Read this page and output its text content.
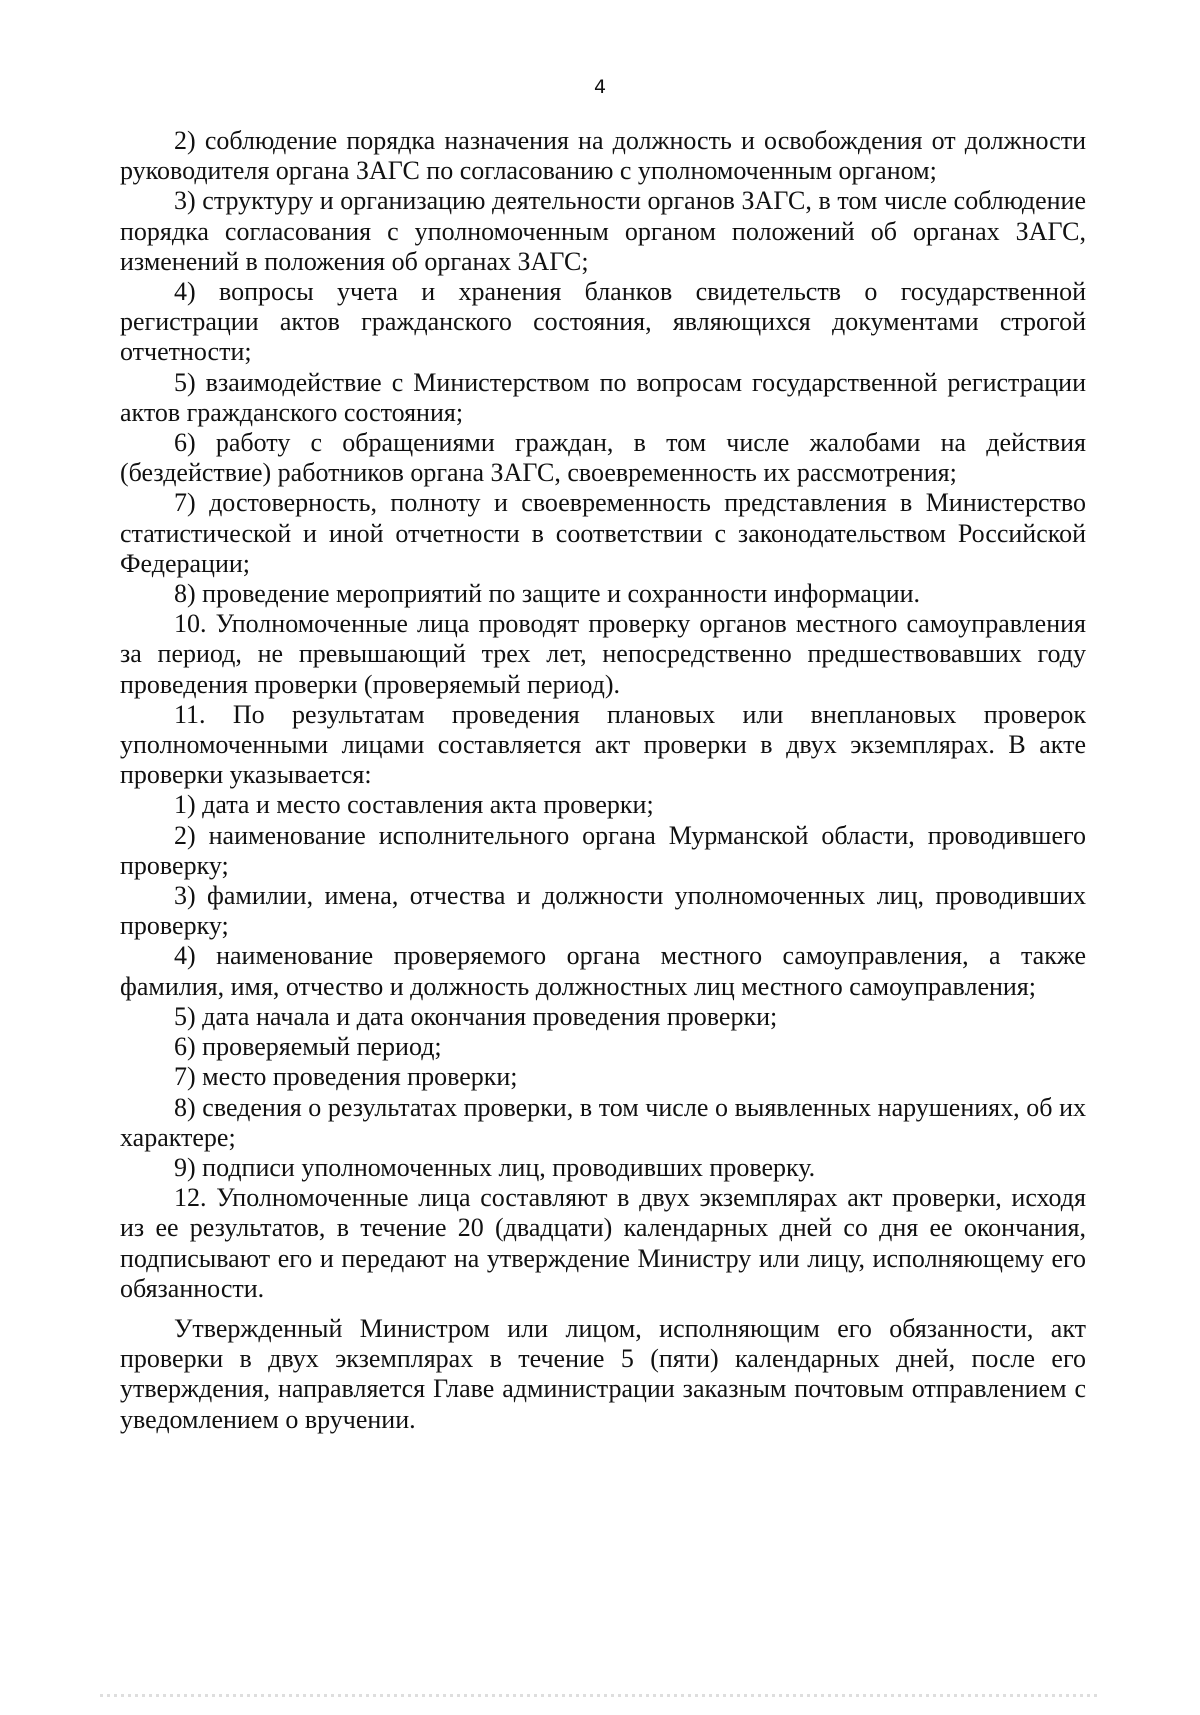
4

2) соблюдение порядка назначения на должность и освобождения от должности руководителя органа ЗАГС по согласованию с уполномоченным органом;

3) структуру и организацию деятельности органов ЗАГС, в том числе соблюдение порядка согласования с уполномоченным органом положений об органах ЗАГС, изменений в положения об органах ЗАГС;

4) вопросы учета и хранения бланков свидетельств о государственной регистрации актов гражданского состояния, являющихся документами строгой отчетности;

5) взаимодействие с Министерством по вопросам государственной регистрации актов гражданского состояния;

6) работу с обращениями граждан, в том числе жалобами на действия (бездействие) работников органа ЗАГС, своевременность их рассмотрения;

7) достоверность, полноту и своевременность представления в Министерство статистической и иной отчетности в соответствии с законодательством Российской Федерации;

8) проведение мероприятий по защите и сохранности информации.

10. Уполномоченные лица проводят проверку органов местного самоуправления за период, не превышающий трех лет, непосредственно предшествовавших году проведения проверки (проверяемый период).

11. По результатам проведения плановых или внеплановых проверок уполномоченными лицами составляется акт проверки в двух экземплярах. В акте проверки указывается:

1) дата и место составления акта проверки;

2) наименование исполнительного органа Мурманской области, проводившего проверку;

3) фамилии, имена, отчества и должности уполномоченных лиц, проводивших проверку;

4) наименование проверяемого органа местного самоуправления, а также фамилия, имя, отчество и должность должностных лиц местного самоуправления;

5) дата начала и дата окончания проведения проверки;

6) проверяемый период;

7) место проведения проверки;

8) сведения о результатах проверки, в том числе о выявленных нарушениях, об их характере;

9) подписи уполномоченных лиц, проводивших проверку.

12. Уполномоченные лица составляют в двух экземплярах акт проверки, исходя из ее результатов, в течение 20 (двадцати) календарных дней со дня ее окончания, подписывают его и передают на утверждение Министру или лицу, исполняющему его обязанности.

Утвержденный Министром или лицом, исполняющим его обязанности, акт проверки в двух экземплярах в течение 5 (пяти) календарных дней, после его утверждения, направляется Главе администрации заказным почтовым отправлением с уведомлением о вручении.
